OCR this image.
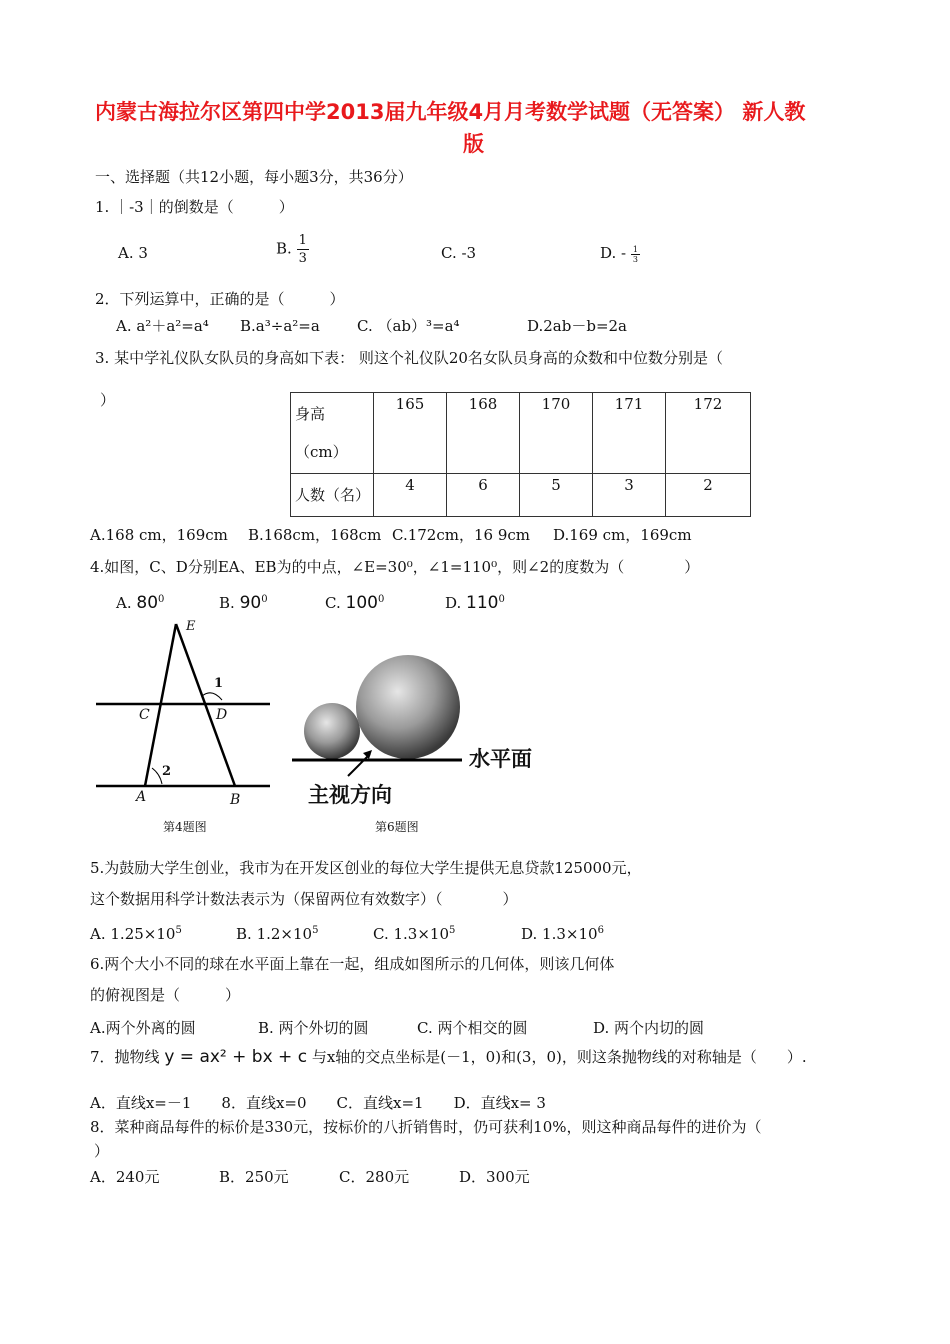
内蒙古海拉尔区第四中学2013届九年级4月月考数学试题（无答案） 新人教
版
一、选择题（共12小题，每小题3分，共36分）
1. ｜-3｜的倒数是（　　　）
A. 3	B. $\frac{1}{3}$	C. -3	D. - $\frac{1}{3}$
2．下列运算中，正确的是（　　　）
A. a²＋a²=a⁴ B.a³÷a²=a C. （ab）³=a⁴	D.2ab－b=2a
3. 某中学礼仪队女队员的身高如下表： 则这个礼仪队20名女队员身高的众数和中位数分别是（
）
身高（cm）	165	168	170	171	172
人数（名）	4	6	5	3	2
A.168 cm，169cm B.168cm，168cm C.172cm，16 9cm D.169 cm，169cm
4.如图，C、D分别EA、EB为的中点，∠E=30⁰，∠1=110⁰，则∠2的度数为（　　　　）
A. $80^0$	B. $90^0$	C. $100^0$	D. $110^0$
E
C	D
A	B
1
2
第4题图
水平面
主视方向
第6题图
5.为鼓励大学生创业，我市为在开发区创业的每位大学生提供无息贷款125000元，
这个数据用科学计数法表示为（保留两位有效数字）（　　　　）
A. $1.25\times 10^5$	B. $1.2\times 10^5$	C. $1.3\times 10^5$	D. $1.3\times 10^6$
6.两个大小不同的球在水平面上靠在一起，组成如图所示的几何体，则该几何体
的俯视图是（　　　）
A.两个外离的圆	B. 两个外切的圆	C. 两个相交的圆	D. 两个内切的圆
7．抛物线 y = ax² + bx + c 与x轴的交点坐标是(－1，0)和(3，0)，则这条抛物线的对称轴是（　　）.
A．直线x=－1　　8．直线x=0　　C．直线x=1　　D．直线x= 3
8．菜种商品每件的标价是330元，按标价的八折销售时，仍可获利10%，则这种商品每件的进价为（
）
A．240元	B．250元	C．280元	D．300元
